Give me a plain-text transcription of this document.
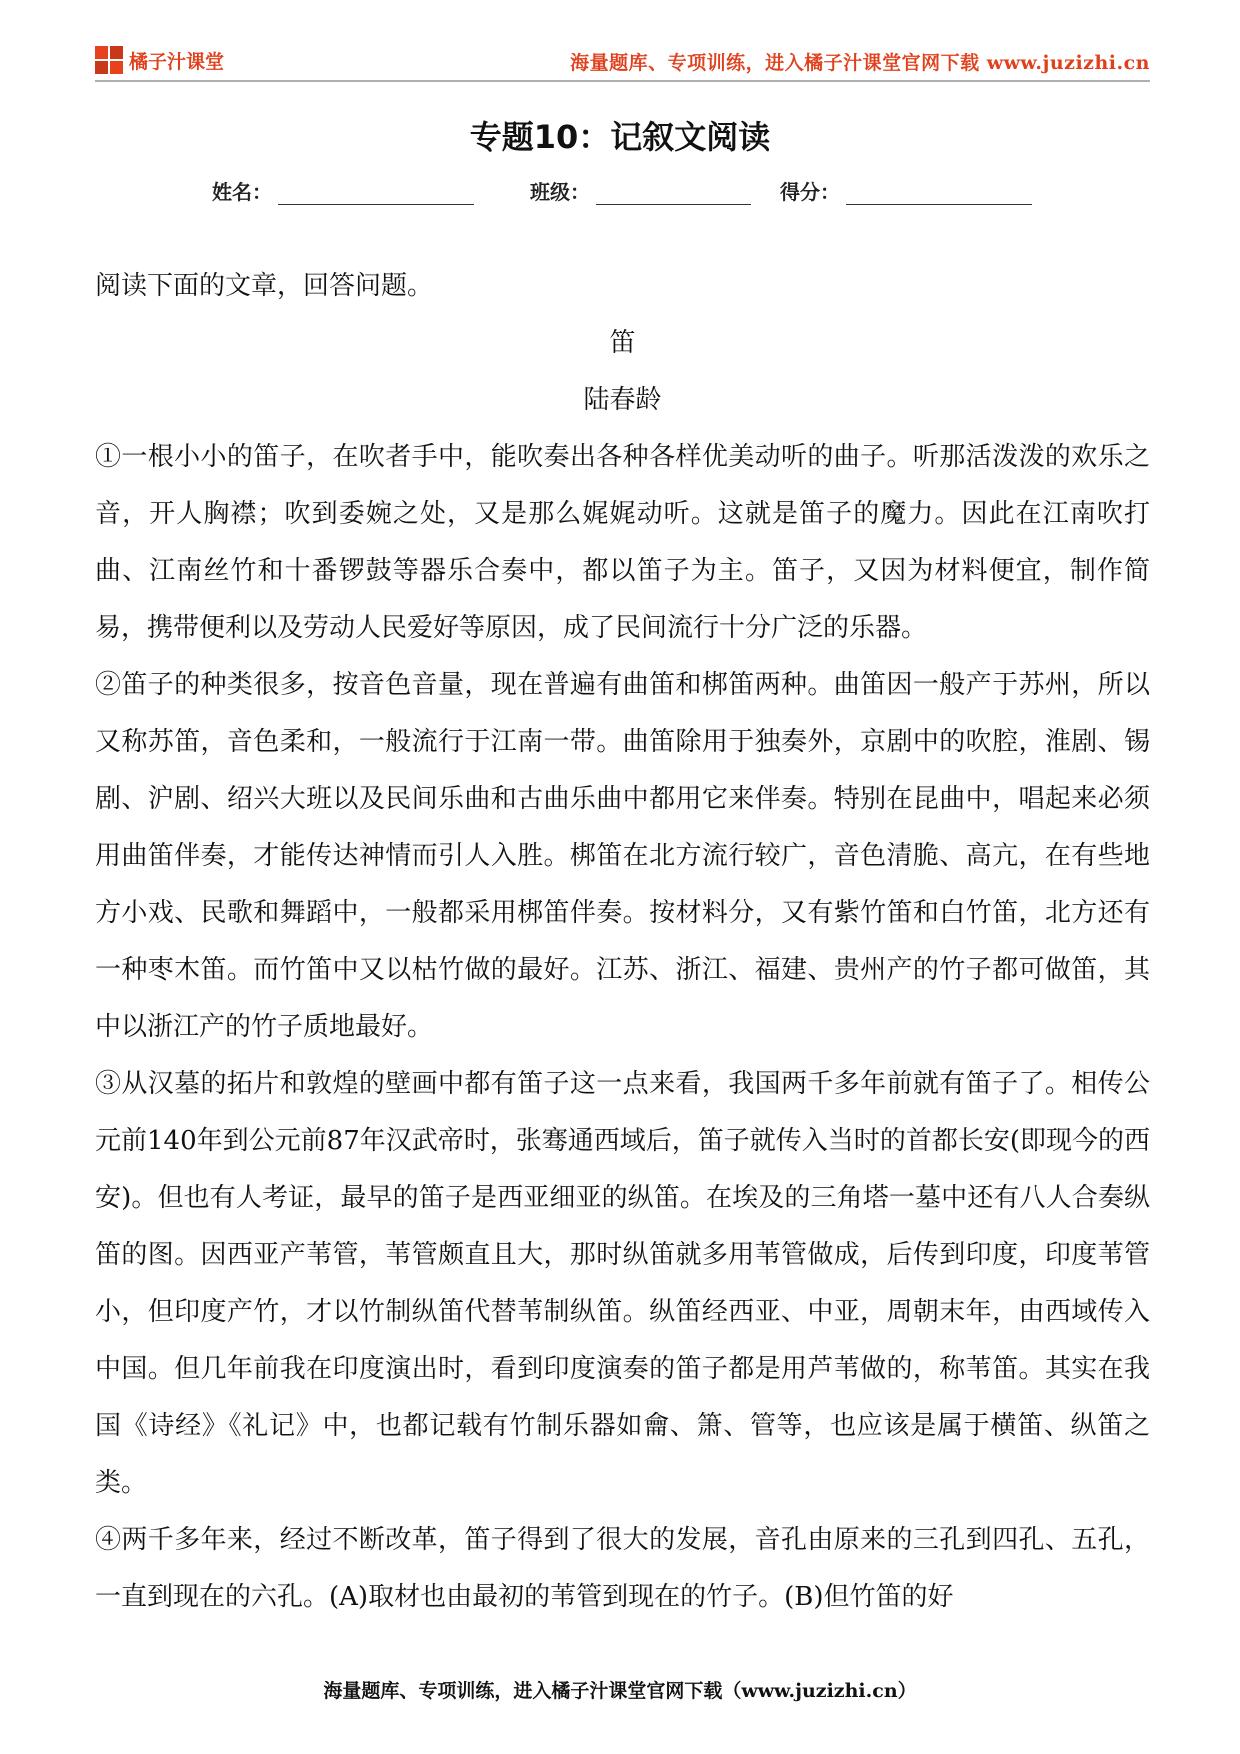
橘子汁课堂	海量题库、专项训练，进入橘子汁课堂官网下载 www.juzizhi.cn
专题10：记叙文阅读
姓名：	班级：	得分：

阅读下面的文章，回答问题。

笛

陆春龄

①一根小小的笛子，在吹者手中，能吹奏出各种各样优美动听的曲子。听那活泼泼的欢乐之音，开人胸襟；吹到委婉之处，又是那么娓娓动听。这就是笛子的魔力。因此在江南吹打曲、江南丝竹和十番锣鼓等器乐合奏中，都以笛子为主。笛子，又因为材料便宜，制作简易，携带便利以及劳动人民爱好等原因，成了民间流行十分广泛的乐器。

②笛子的种类很多，按音色音量，现在普遍有曲笛和梆笛两种。曲笛因一般产于苏州，所以又称苏笛，音色柔和，一般流行于江南一带。曲笛除用于独奏外，京剧中的吹腔，淮剧、锡剧、沪剧、绍兴大班以及民间乐曲和古曲乐曲中都用它来伴奏。特别在昆曲中，唱起来必须用曲笛伴奏，才能传达神情而引人入胜。梆笛在北方流行较广，音色清脆、高亢，在有些地方小戏、民歌和舞蹈中，一般都采用梆笛伴奏。按材料分，又有紫竹笛和白竹笛，北方还有一种枣木笛。而竹笛中又以枯竹做的最好。江苏、浙江、福建、贵州产的竹子都可做笛，其中以浙江产的竹子质地最好。

③从汉墓的拓片和敦煌的壁画中都有笛子这一点来看，我国两千多年前就有笛子了。相传公元前140年到公元前87年汉武帝时，张骞通西域后，笛子就传入当时的首都长安(即现今的西安)。但也有人考证，最早的笛子是西亚细亚的纵笛。在埃及的三角塔一墓中还有八人合奏纵笛的图。因西亚产苇管，苇管颇直且大，那时纵笛就多用苇管做成，后传到印度，印度苇管小，但印度产竹，才以竹制纵笛代替苇制纵笛。纵笛经西亚、中亚，周朝末年，由西域传入中国。但几年前我在印度演出时，看到印度演奏的笛子都是用芦苇做的，称苇笛。其实在我国《诗经》《礼记》中，也都记载有竹制乐器如龠、箫、管等，也应该是属于横笛、纵笛之类。

④两千多年来，经过不断改革，笛子得到了很大的发展，音孔由原来的三孔到四孔、五孔，一直到现在的六孔。(A)取材也由最初的苇管到现在的竹子。(B)但竹笛的好

海量题库、专项训练，进入橘子汁课堂官网下载（www.juzizhi.cn）
